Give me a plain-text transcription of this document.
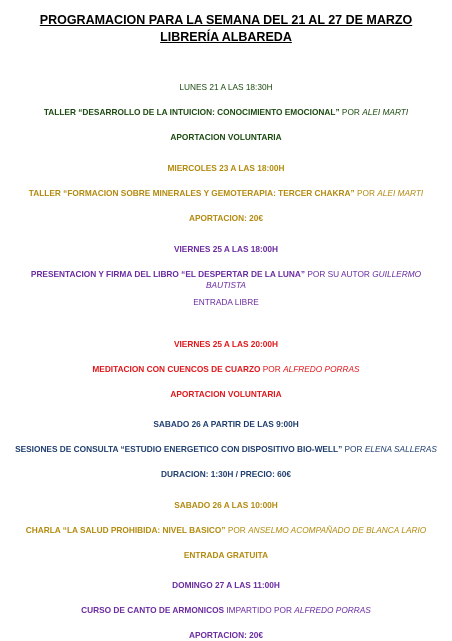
PROGRAMACION PARA LA SEMANA DEL 21 AL 27 DE MARZO
LIBRERÍA ALBAREDA

LUNES 21 A LAS 18:30H

TALLER “DESARROLLO DE LA INTUICION: CONOCIMIENTO EMOCIONAL” POR ALEI MARTI

APORTACION VOLUNTARIA

MIERCOLES 23 A LAS 18:00H

TALLER “FORMACION SOBRE MINERALES Y GEMOTERAPIA: TERCER CHAKRA” POR ALEI MARTI

APORTACION: 20€

VIERNES 25 A LAS 18:00H

PRESENTACION Y FIRMA DEL LIBRO “EL DESPERTAR DE LA LUNA” POR SU AUTOR GUILLERMO BAUTISTA

ENTRADA LIBRE

VIERNES 25 A LAS 20:00H

MEDITACION CON CUENCOS DE CUARZO POR ALFREDO PORRAS

APORTACION VOLUNTARIA

SABADO 26 A PARTIR DE LAS 9:00H

SESIONES DE CONSULTA “ESTUDIO ENERGETICO CON DISPOSITIVO BIO-WELL” POR ELENA SALLERAS

DURACION: 1:30H / PRECIO: 60€

SABADO 26 A LAS 10:00H

CHARLA “LA SALUD PROHIBIDA: NIVEL BASICO” POR ANSELMO ACOMPAÑADO DE BLANCA LARIO

ENTRADA GRATUITA

DOMINGO 27 A LAS 11:00H

CURSO DE CANTO DE ARMONICOS IMPARTIDO POR ALFREDO PORRAS

APORTACION: 20€
